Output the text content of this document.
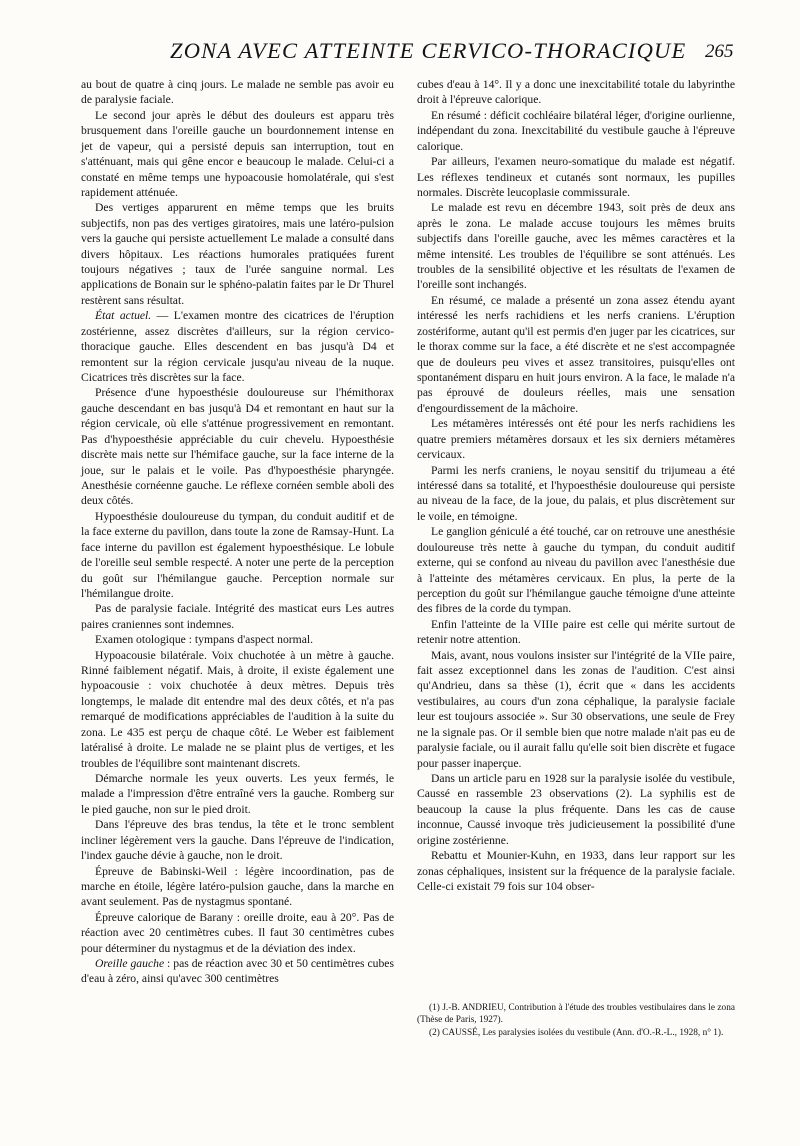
ZONA AVEC ATTEINTE CERVICO-THORACIQUE 265

au bout de quatre à cinq jours. Le malade ne semble pas avoir eu de paralysie faciale.

Le second jour après le début des douleurs est apparu très brusquement dans l'oreille gauche un bourdonnement intense en jet de vapeur, qui a persisté depuis san interruption, tout en s'atténuant, mais qui gêne encor e beaucoup le malade. Celui-ci a constaté en même temps une hypoacousie homolatérale, qui s'est rapidement atténuée.

Des vertiges apparurent en même temps que les bruits subjectifs, non pas des vertiges giratoires, mais une latéro-pulsion vers la gauche qui persiste actuellement Le malade a consulté dans divers hôpitaux. Les réactions humorales pratiquées furent toujours négatives ; taux de l'urée sanguine normal. Les applications de Bonain sur le sphéno-palatin faites par le Dr Thurel restèrent sans résultat.

État actuel. — L'examen montre des cicatrices de l'éruption zostérienne, assez discrètes d'ailleurs, sur la région cervico-thoracique gauche. Elles descendent en bas jusqu'à D4 et remontent sur la région cervicale jusqu'au niveau de la nuque. Cicatrices très discrètes sur la face.

Présence d'une hypoesthésie douloureuse sur l'hémithorax gauche descendant en bas jusqu'à D4 et remontant en haut sur la région cervicale, où elle s'atténue progressivement en remontant. Pas d'hypoesthésie appréciable du cuir chevelu. Hypoesthésie discrète mais nette sur l'hémiface gauche, sur la face interne de la joue, sur le palais et le voile. Pas d'hypoesthésie pharyngée. Anesthésie cornéenne gauche. Le réflexe cornéen semble aboli des deux côtés.

Hypoesthésie douloureuse du tympan, du conduit auditif et de la face externe du pavillon, dans toute la zone de Ramsay-Hunt. La face interne du pavillon est également hypoesthésique. Le lobule de l'oreille seul semble respecté. A noter une perte de la perception du goût sur l'hémilangue gauche. Perception normale sur l'hémilangue droite.

Pas de paralysie faciale. Intégrité des masticat eurs Les autres paires craniennes sont indemnes.

Examen otologique : tympans d'aspect normal.

Hypoacousie bilatérale. Voix chuchotée à un mètre à gauche. Rinné faiblement négatif. Mais, à droite, il existe également une hypoacousie : voix chuchotée à deux mètres. Depuis très longtemps, le malade dit entendre mal des deux côtés, et n'a pas remarqué de modifications appréciables de l'audition à la suite du zona. Le 435 est perçu de chaque côté. Le Weber est faiblement latéralisé à droite. Le malade ne se plaint plus de vertiges, et les troubles de l'équilibre sont maintenant discrets.

Démarche normale les yeux ouverts. Les yeux fermés, le malade a l'impression d'être entraîné vers la gauche. Romberg sur le pied gauche, non sur le pied droit.

Dans l'épreuve des bras tendus, la tête et le tronc semblent incliner légèrement vers la gauche. Dans l'épreuve de l'indication, l'index gauche dévie à gauche, non le droit.

Épreuve de Babinski-Weil : légère incoordination, pas de marche en étoile, légère latéro-pulsion gauche, dans la marche en avant seulement. Pas de nystagmus spontané.

Épreuve calorique de Barany : oreille droite, eau à 20°. Pas de réaction avec 20 centimètres cubes. Il faut 30 centimètres cubes pour déterminer du nystagmus et de la déviation des index.

Oreille gauche : pas de réaction avec 30 et 50 centimètres cubes d'eau à zéro, ainsi qu'avec 300 centimètres

cubes d'eau à 14°. Il y a donc une inexcitabilité totale du labyrinthe droit à l'épreuve calorique.

En résumé : déficit cochléaire bilatéral léger, d'origine ourlienne, indépendant du zona. Inexcitabilité du vestibule gauche à l'épreuve calorique.

Par ailleurs, l'examen neuro-somatique du malade est négatif. Les réflexes tendineux et cutanés sont normaux, les pupilles normales. Discrète leucoplasie commissurale.

Le malade est revu en décembre 1943, soit près de deux ans après le zona. Le malade accuse toujours les mêmes bruits subjectifs dans l'oreille gauche, avec les mêmes caractères et la même intensité. Les troubles de l'équilibre se sont atténués. Les troubles de la sensibilité objective et les résultats de l'examen de l'oreille sont inchangés.

En résumé, ce malade a présenté un zona assez étendu ayant intéressé les nerfs rachidiens et les nerfs craniens. L'éruption zostériforme, autant qu'il est permis d'en juger par les cicatrices, sur le thorax comme sur la face, a été discrète et ne s'est accompagnée que de douleurs peu vives et assez transitoires, puisqu'elles ont spontanément disparu en huit jours environ. A la face, le malade n'a pas éprouvé de douleurs réelles, mais une sensation d'engourdissement de la mâchoire.

Les métamères intéressés ont été pour les nerfs rachidiens les quatre premiers métamères dorsaux et les six derniers métamères cervicaux.

Parmi les nerfs craniens, le noyau sensitif du trijumeau a été intéressé dans sa totalité, et l'hypoesthésie douloureuse qui persiste au niveau de la face, de la joue, du palais, et plus discrètement sur le voile, en témoigne.

Le ganglion géniculé a été touché, car on retrouve une anesthésie douloureuse très nette à gauche du tympan, du conduit auditif externe, qui se confond au niveau du pavillon avec l'anesthésie due à l'atteinte des métamères cervicaux. En plus, la perte de la perception du goût sur l'hémilangue gauche témoigne d'une atteinte des fibres de la corde du tympan.

Enfin l'atteinte de la VIIIe paire est celle qui mérite surtout de retenir notre attention.

Mais, avant, nous voulons insister sur l'intégrité de la VIIe paire, fait assez exceptionnel dans les zonas de l'audition. C'est ainsi qu'Andrieu, dans sa thèse (1), écrit que « dans les accidents vestibulaires, au cours d'un zona céphalique, la paralysie faciale leur est toujours associée ». Sur 30 observations, une seule de Frey ne la signale pas. Or il semble bien que notre malade n'ait pas eu de paralysie faciale, ou il aurait fallu qu'elle soit bien discrète et fugace pour passer inaperçue.

Dans un article paru en 1928 sur la paralysie isolée du vestibule, Caussé en rassemble 23 observations (2). La syphilis est de beaucoup la cause la plus fréquente. Dans les cas de cause inconnue, Caussé invoque très judicieusement la possibilité d'une origine zostérienne.

Rebattu et Mounier-Kuhn, en 1933, dans leur rapport sur les zonas céphaliques, insistent sur la fréquence de la paralysie faciale. Celle-ci existait 79 fois sur 104 obser-

(1) J.-B. ANDRIEU, Contribution à l'étude des troubles vestibulaires dans le zona (Thèse de Paris, 1927).

(2) CAUSSÉ, Les paralysies isolées du vestibule (Ann. d'O.-R.-L., 1928, n° 1).
